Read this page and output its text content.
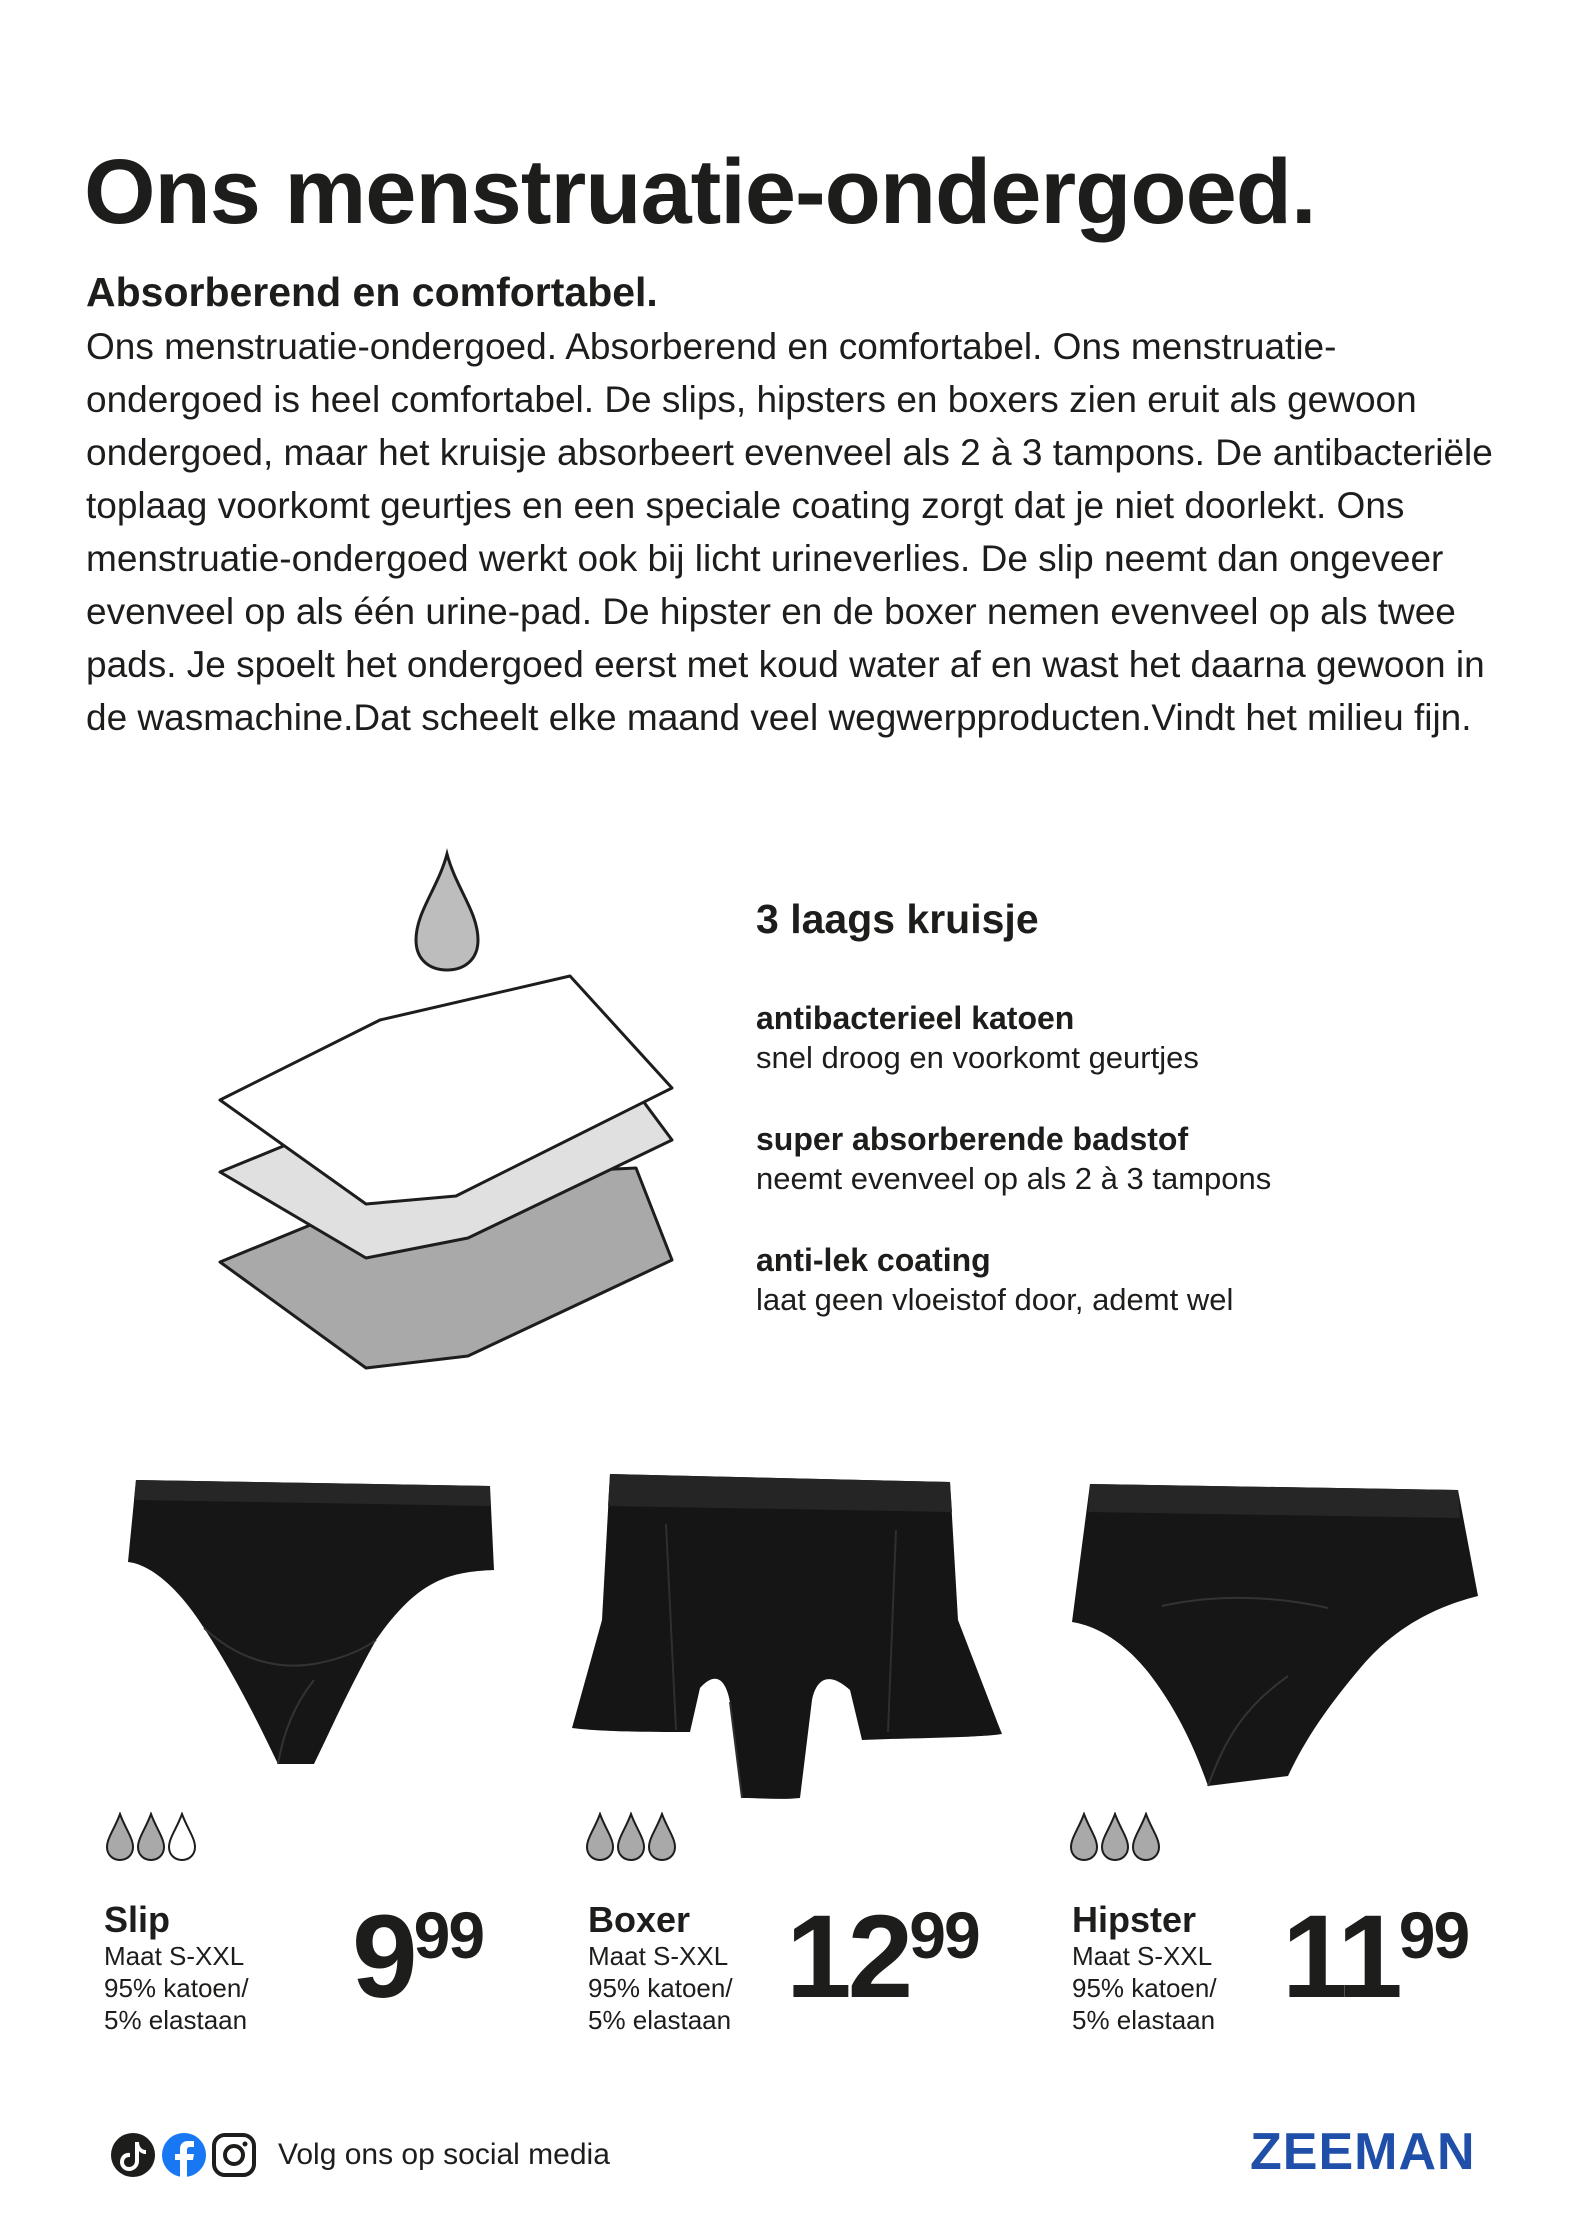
Ons menstruatie-ondergoed.
Absorberend en comfortabel.

Ons menstruatie-ondergoed. Absorberend en comfortabel. Ons menstruatie-ondergoed is heel comfortabel. De slips, hipsters en boxers zien eruit als gewoon ondergoed, maar het kruisje absorbeert evenveel als 2 à 3 tampons. De antibacteriële toplaag voorkomt geurtjes en een speciale coating zorgt dat je niet doorlekt. Ons menstruatie-ondergoed werkt ook bij licht urineverlies. De slip neemt dan ongeveer evenveel op als één urine-pad. De hipster en de boxer nemen evenveel op als twee pads. Je spoelt het ondergoed eerst met koud water af en wast het daarna gewoon in de wasmachine.Dat scheelt elke maand veel wegwerpproducten.Vindt het milieu fijn.

3 laags kruisje
antibacterieel katoen
snel droog en voorkomt geurtjes
super absorberende badstof
neemt evenveel op als 2 à 3 tampons
anti-lek coating
laat geen vloeistof door, ademt wel
Slip
Maat S-XXL
95% katoen/
5% elastaan 999	Boxer
Maat S-XXL
95% katoen/
5% elastaan 1299	Hipster
Maat S-XXL
95% katoen/
5% elastaan 1199
Volg ons op social media	ZEEMAN
